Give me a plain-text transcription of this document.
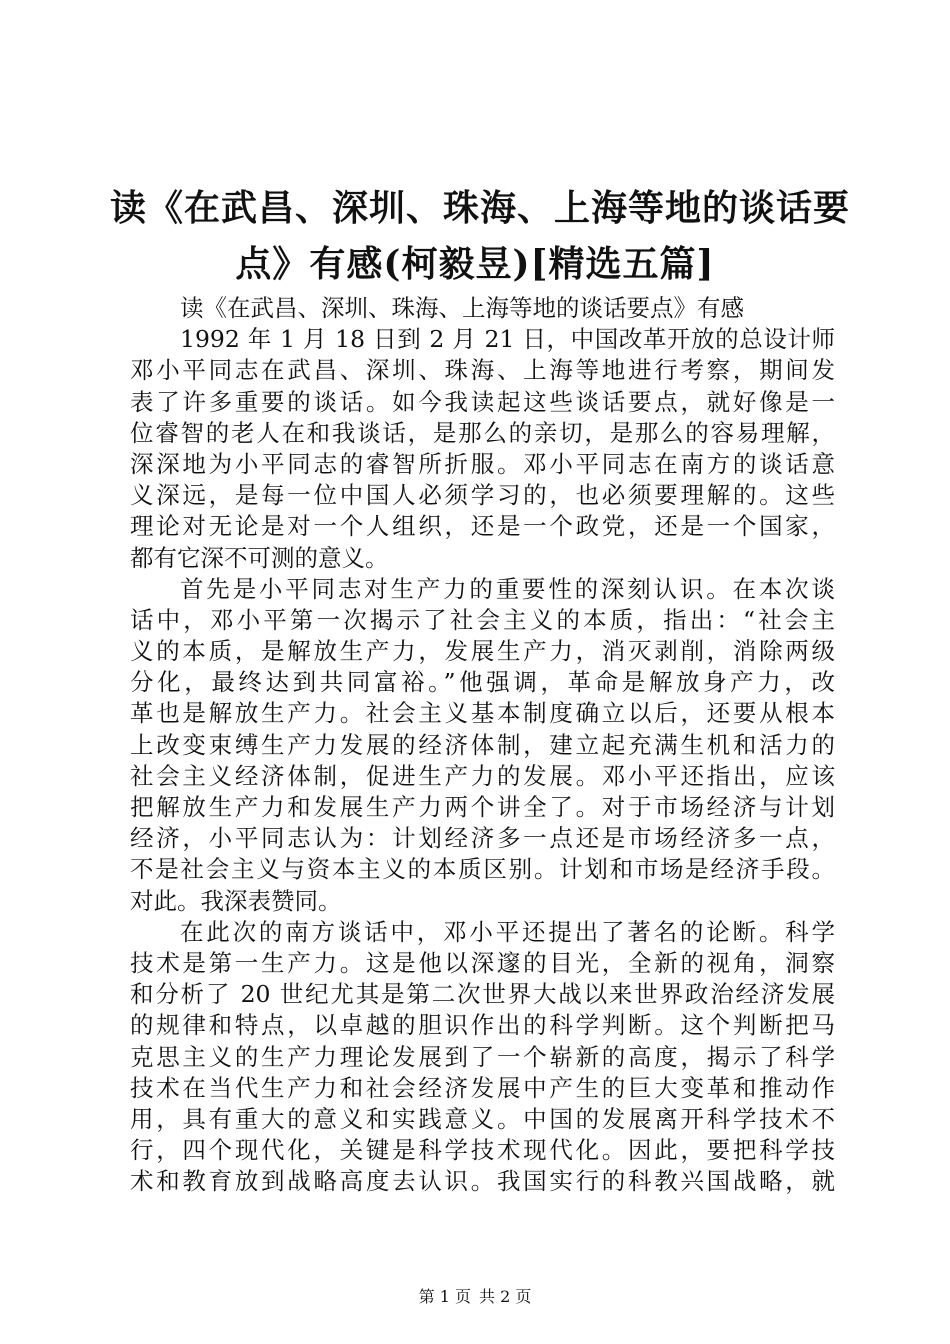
读《在武昌、深圳、珠海、上海等地的谈话要
点》有感(柯毅昱)[精选五篇]
读《在武昌、深圳、珠海、上海等地的谈话要点》有感
1992 年 1 月 18 日到 2 月 21 日，中国改革开放的总设计师
邓小平同志在武昌、深圳、珠海、上海等地进行考察，期间发
表了许多重要的谈话。如今我读起这些谈话要点，就好像是一
位睿智的老人在和我谈话，是那么的亲切，是那么的容易理解，
深深地为小平同志的睿智所折服。邓小平同志在南方的谈话意
义深远，是每一位中国人必须学习的，也必须要理解的。这些
理论对无论是对一个人组织，还是一个政党，还是一个国家，
都有它深不可测的意义。
首先是小平同志对生产力的重要性的深刻认识。在本次谈
话中，邓小平第一次揭示了社会主义的本质，指出：“社会主
义的本质，是解放生产力，发展生产力，消灭剥削，消除两级
分化，最终达到共同富裕。”他强调，革命是解放身产力，改
革也是解放生产力。社会主义基本制度确立以后，还要从根本
上改变束缚生产力发展的经济体制，建立起充满生机和活力的
社会主义经济体制，促进生产力的发展。邓小平还指出，应该
把解放生产力和发展生产力两个讲全了。对于市场经济与计划
经济，小平同志认为：计划经济多一点还是市场经济多一点，
不是社会主义与资本主义的本质区别。计划和市场是经济手段。
对此。我深表赞同。
在此次的南方谈话中，邓小平还提出了著名的论断。科学
技术是第一生产力。这是他以深邃的目光，全新的视角，洞察
和分析了 20 世纪尤其是第二次世界大战以来世界政治经济发展
的规律和特点，以卓越的胆识作出的科学判断。这个判断把马
克思主义的生产力理论发展到了一个崭新的高度，揭示了科学
技术在当代生产力和社会经济发展中产生的巨大变革和推动作
用，具有重大的意义和实践意义。中国的发展离开科学技术不
行，四个现代化，关键是科学技术现代化。因此，要把科学技
术和教育放到战略高度去认识。我国实行的科教兴国战略，就
第 1 页 共 2 页
